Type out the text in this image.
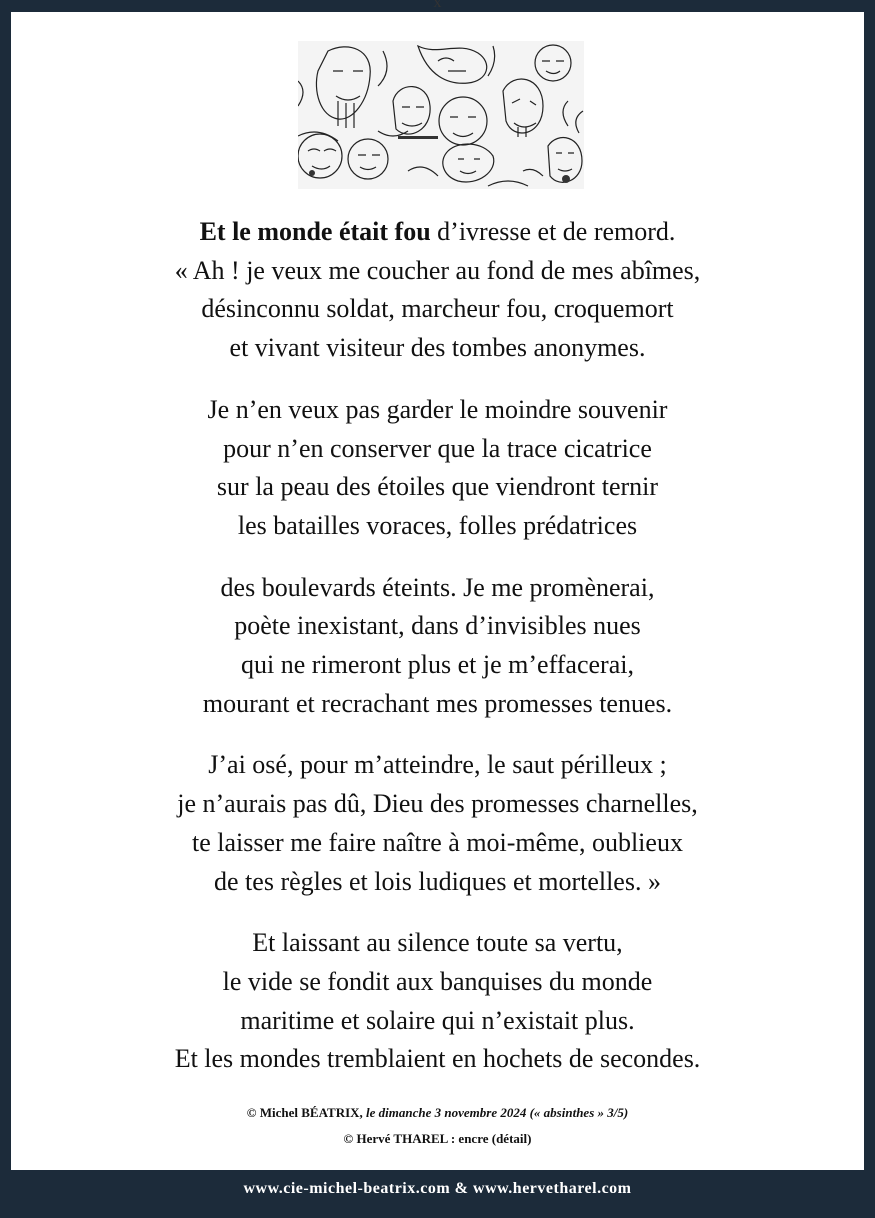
x
Et le monde était fou d’ivresse et de remord.
« Ah ! je veux me coucher au fond de mes abîmes,
désinconnu soldat, marcheur fou, croquemort
et vivant visiteur des tombes anonymes.
Je n’en veux pas garder le moindre souvenir
pour n’en conserver que la trace cicatrice
sur la peau des étoiles que viendront ternir
les batailles voraces, folles prédatrices
des boulevards éteints. Je me promènerai,
poète inexistant, dans d’invisibles nues
qui ne rimeront plus et je m’effacerai,
mourant et recrachant mes promesses tenues.
J’ai osé, pour m’atteindre, le saut périlleux ;
je n’aurais pas dû, Dieu des promesses charnelles,
te laisser me faire naître à moi-même, oublieux
de tes règles et lois ludiques et mortelles. »
Et laissant au silence toute sa vertu,
le vide se fondit aux banquises du monde
maritime et solaire qui n’existait plus.
Et les mondes tremblaient en hochets de secondes.
© Michel BÉATRIX, le dimanche 3 novembre 2024 (« absinthes » 3/5)
© Hervé THAREL : encre (détail)
www.cie-michel-beatrix.com & www.hervetharel.com
